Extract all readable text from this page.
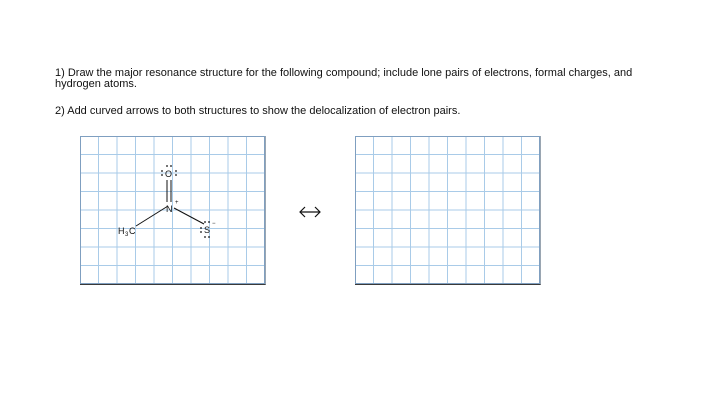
1) Draw the major resonance structure for the following compound; include lone pairs of electrons, formal charges, and hydrogen atoms.
2) Add curved arrows to both structures to show the delocalization of electron pairs.
H 3 C
N
+
O
S
−
